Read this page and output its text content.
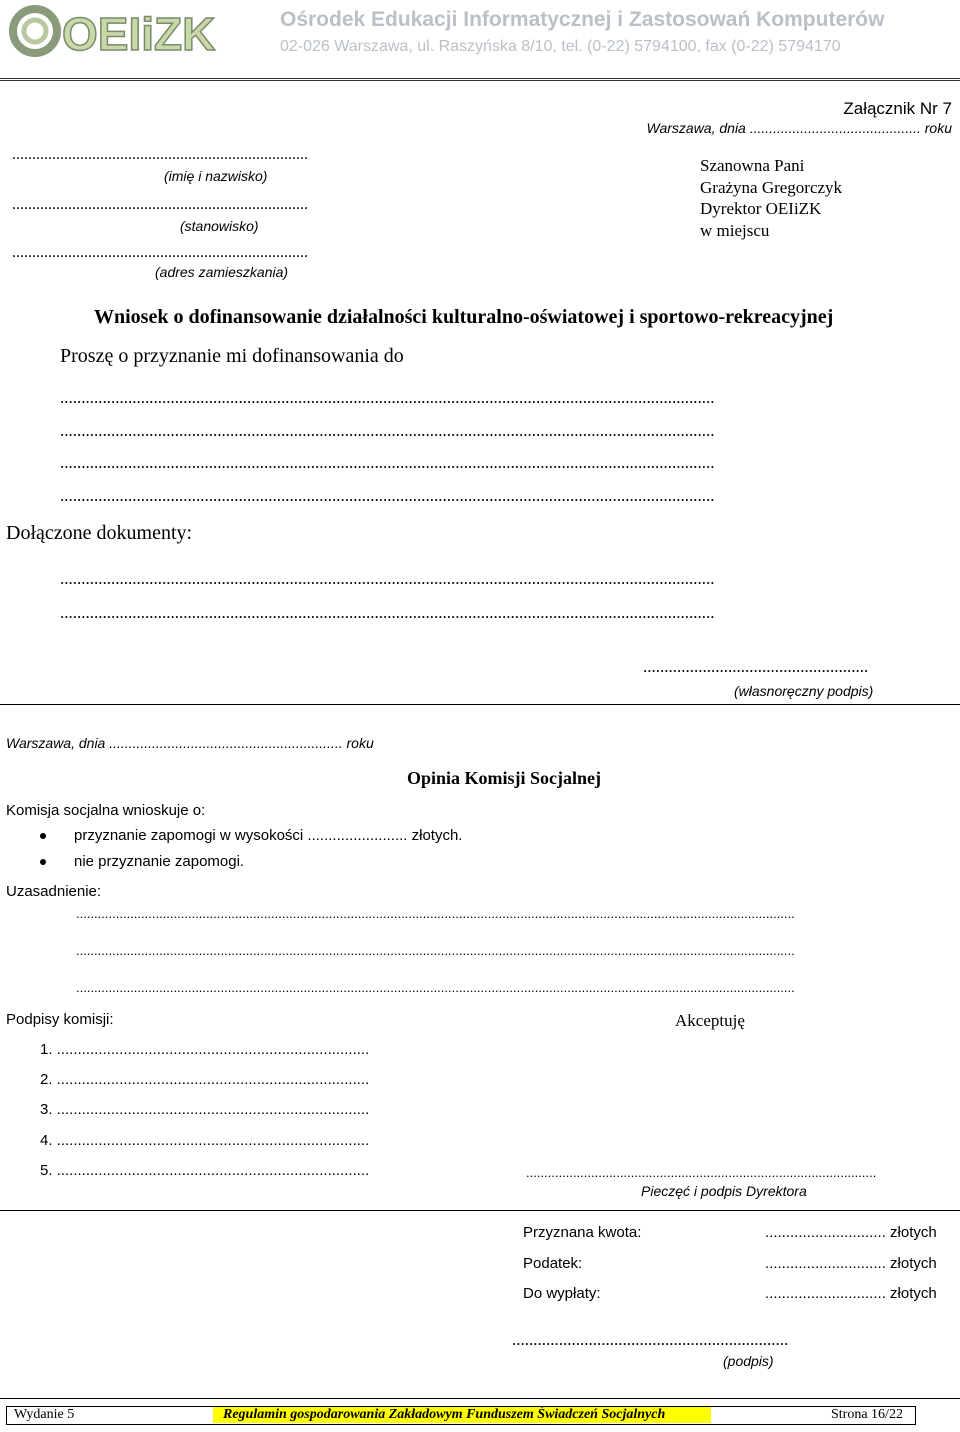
OEIiZK	Ośrodek Edukacji Informatycznej i Zastosowań Komputerów
02-026 Warszawa, ul. Raszyńska 8/10, tel. (0-22) 5794100, fax (0-22) 5794170
Załącznik Nr 7
Warszawa, dnia ............................................ roku
..........................................................................
(imię i nazwisko)
..........................................................................
(stanowisko)
..........................................................................
(adres zamieszkania)
Szanowna Pani
Grażyna Gregorczyk
Dyrektor OEIiZK
w miejscu
Wniosek o dofinansowanie działalności kulturalno-oświatowej i sportowo-rekreacyjnej
Proszę o przyznanie mi dofinansowania do
..........................................................................................................................................................
..........................................................................................................................................................
..........................................................................................................................................................
..........................................................................................................................................................
Dołączone dokumenty:
..........................................................................................................................................................
..........................................................................................................................................................
.....................................................
(własnoręczny podpis)
Warszawa, dnia ............................................................ roku
Opinia Komisji Socjalnej
Komisja socjalna wnioskuje o:
przyznanie zapomogi w wysokości ........................ złotych.
nie przyznanie zapomogi.
Uzasadnienie:
.......................................................................................................................................................................................................
.......................................................................................................................................................................................................
.......................................................................................................................................................................................................
Podpisy komisji:	Akceptuję
1. ...........................................................................
2. ...........................................................................
3. ...........................................................................
4. ...........................................................................
5. ...........................................................................	.................................................................................................
Pieczęć i podpis Dyrektora
Przyznana kwota:	............................. złotych
Podatek:	............................. złotych
Do wypłaty:	............................. złotych
.................................................................
(podpis)
Wydanie 5	Regulamin gospodarowania Zakładowym Funduszem Świadczeń Socjalnych	Strona 16/22
